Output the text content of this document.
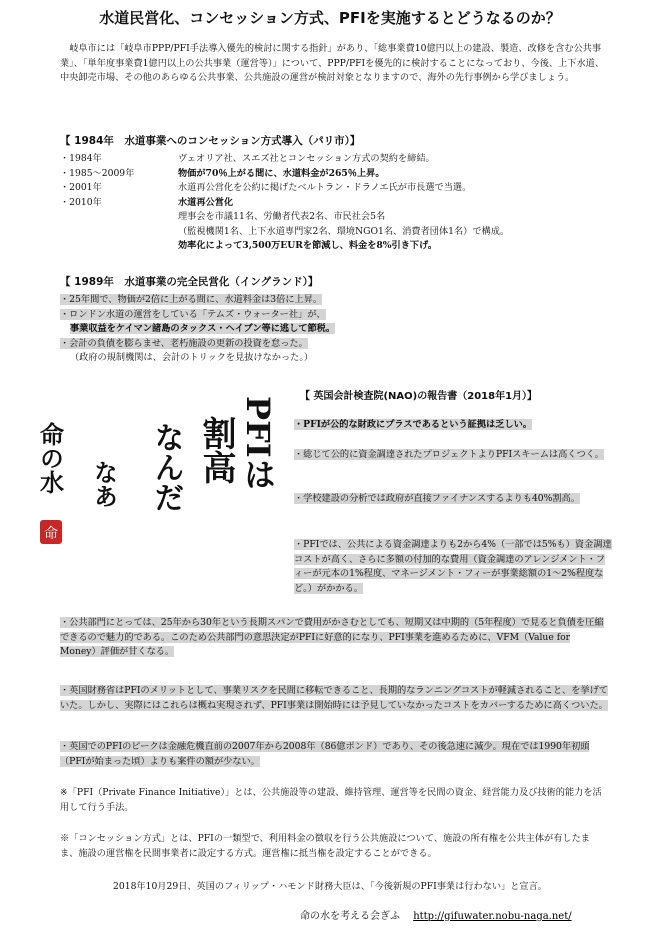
水道民営化、コンセッション方式、PFIを実施するとどうなるのか？
岐阜市には「岐阜市PPP/PFI手法導入優先的検討に関する指針」があり、「総事業費10億円以上の建設、製造、改修を含む公共事業」、「単年度事業費1億円以上の公共事業（運営等）」について、PPP/PFIを優先的に検討することになっており、今後、上下水道、中央卸売市場、その他のあらゆる公共事業、公共施設の運営が検討対象となりますので、海外の先行事例から学びましょう。
【 1984年　水道事業へのコンセッション方式導入（パリ市）】
・1984年	ヴェオリア社、スエズ社とコンセッション方式の契約を締結。
・1985～2009年	物価が70％上がる間に、水道料金が265％上昇。
・2001年	水道再公営化を公約に掲げたベルトラン・ドラノエ氏が市長選で当選。
・2010年	水道再公営化
理事会を市議11名、労働者代表2名、市民社会5名
（監視機関1名、上下水道専門家2名、環境NGO1名、消費者団体1名）で構成。
効率化によって3,500万EURを節減し、料金を8%引き下げ。
【 1989年　水道事業の完全民営化（イングランド）】
・25年間で、物価が2倍に上がる間に、水道料金は3倍に上昇。
・ロンドン水道の運営をしている「テムズ・ウォーター社」が、
事業収益をケイマン諸島のタックス・ヘイブン等に逃して節税。
・会計の負債を膨らませ、老朽施設の更新の投資を怠った。
（政府の規制機関は、会計のトリックを見抜けなかった。）
命の水 なあ なんだ 割高 PFIは
命
【 英国会計検査院(NAO)の報告書（2018年1月）】
・PFIが公的な財政にプラスであるという証拠は乏しい。
・総じて公的に資金調達されたプロジェクトよりPFIスキームは高くつく。
・学校建設の分析では政府が直接ファイナンスするよりも40%割高。
・PFIでは、公共による資金調達よりも2から4%（一部では5%も）資金調達コストが高く、さらに多額の付加的な費用（資金調達のアレンジメント・フィーが元本の1%程度、マネージメント・フィーが事業総額の1～2%程度など。）がかかる。
・公共部門にとっては、25年から30年という長期スパンで費用がかさむとしても、短期又は中期的（5年程度）で見ると負債を圧縮できるので魅力的である。このため公共部門の意思決定がPFIに好意的になり、PFI事業を進めるために、VFM（Value for Money）評価が甘くなる。
・英国財務省はPFIのメリットとして、事業リスクを民間に移転できること、長期的なランニングコストが軽減されること、を挙げていた。しかし、実際にはこれらは概ね実現されず、PFI事業は開始時には予見していなかったコストをカバーするために高くついた。
・英国でのPFIのピークは金融危機直前の2007年から2008年（86億ポンド）であり、その後急速に減少。現在では1990年初頭（PFIが始まった頃）よりも案件の額が少ない。
※「PFI（Private Finance Initiative）」とは、公共施設等の建設、維持管理、運営等を民間の資金、経営能力及び技術的能力を活用して行う手法。
※「コンセッション方式」とは、PFIの一類型で、利用料金の徴収を行う公共施設について、施設の所有権を公共主体が有したまま、施設の運営権を民間事業者に設定する方式。運営権に抵当権を設定することができる。
2018年10月29日、英国のフィリップ・ハモンド財務大臣は、「今後新規のPFI事業は行わない」と宣言。
命の水を考える会ぎふ http://gifuwater.nobu-naga.net/
